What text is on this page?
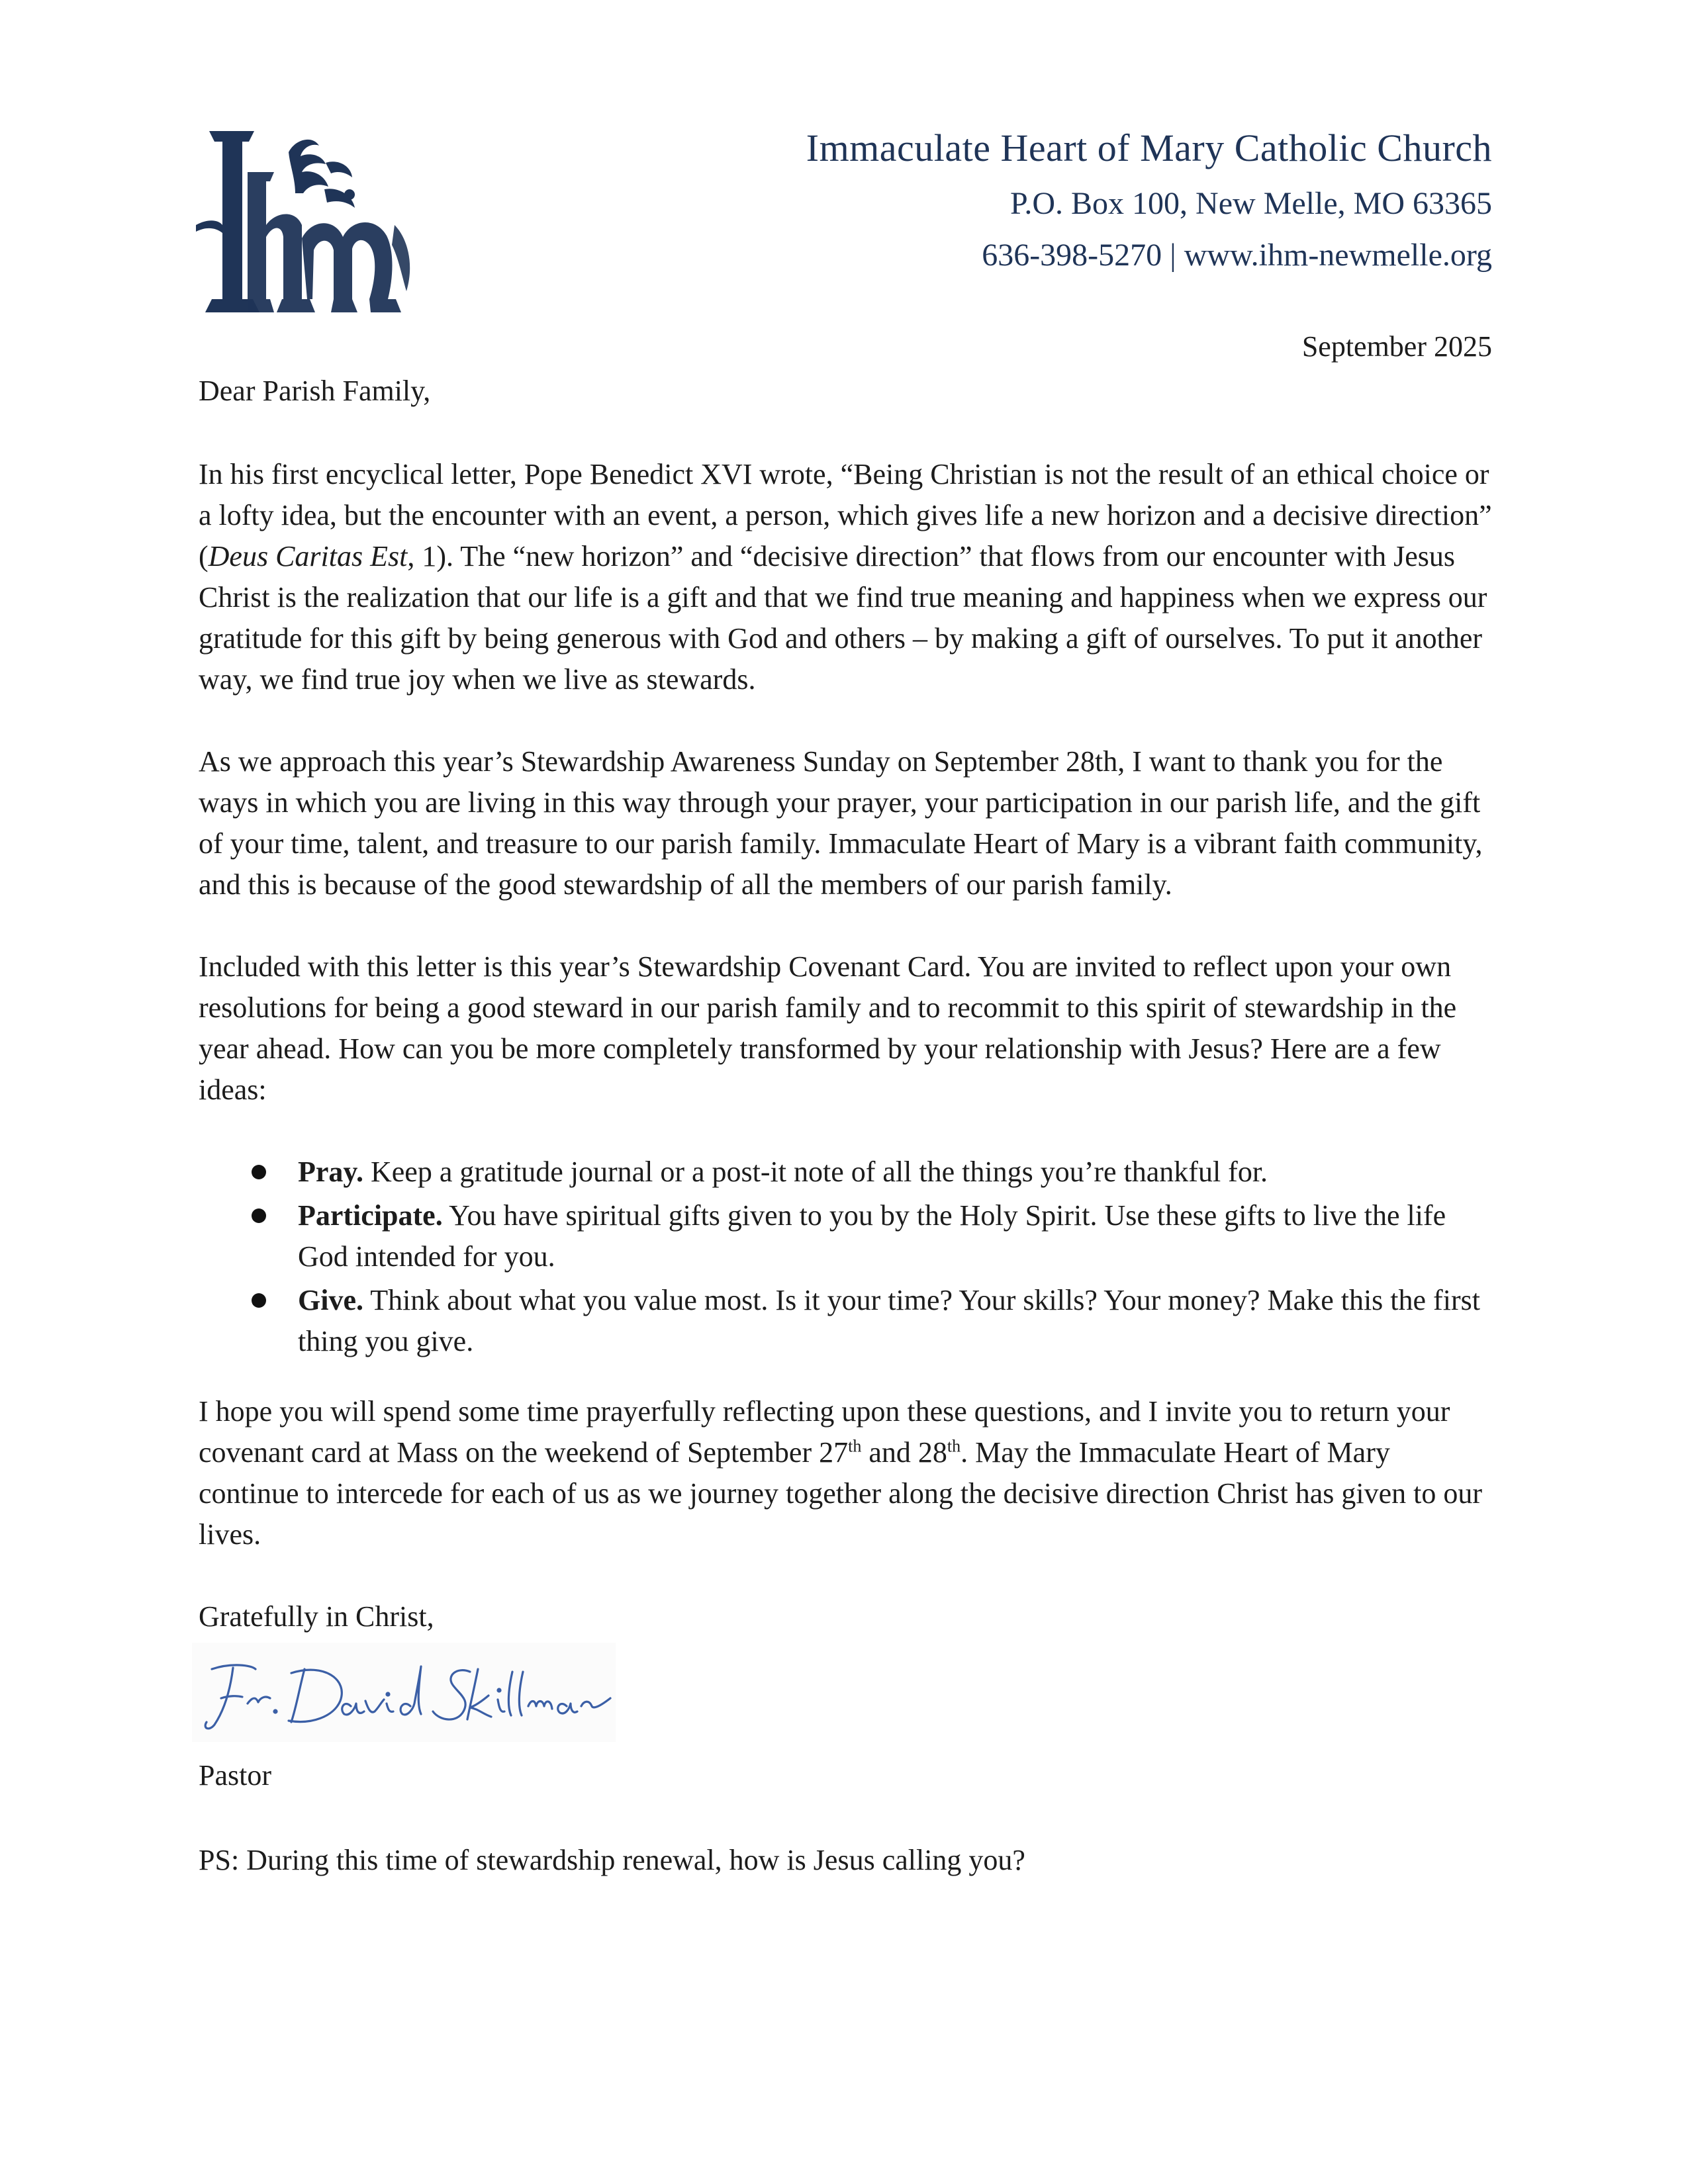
Immaculate Heart of Mary Catholic Church
P.O. Box 100, New Melle, MO 63365
636-398-5270 | www.ihm-newmelle.org
September 2025

Dear Parish Family,

In his first encyclical letter, Pope Benedict XVI wrote, “Being Christian is not the result of an ethical choice or a lofty idea, but the encounter with an event, a person, which gives life a new horizon and a decisive direction” (Deus Caritas Est, 1). The “new horizon” and “decisive direction” that flows from our encounter with Jesus Christ is the realization that our life is a gift and that we find true meaning and happiness when we express our gratitude for this gift by being generous with God and others – by making a gift of ourselves. To put it another way, we find true joy when we live as stewards.

As we approach this year’s Stewardship Awareness Sunday on September 28th, I want to thank you for the ways in which you are living in this way through your prayer, your participation in our parish life, and the gift of your time, talent, and treasure to our parish family. Immaculate Heart of Mary is a vibrant faith community, and this is because of the good stewardship of all the members of our parish family.

Included with this letter is this year’s Stewardship Covenant Card. You are invited to reflect upon your own resolutions for being a good steward in our parish family and to recommit to this spirit of stewardship in the year ahead. How can you be more completely transformed by your relationship with Jesus? Here are a few ideas:

Pray. Keep a gratitude journal or a post-it note of all the things you’re thankful for.
Participate. You have spiritual gifts given to you by the Holy Spirit. Use these gifts to live the life God intended for you.
Give. Think about what you value most. Is it your time? Your skills? Your money? Make this the first thing you give.

I hope you will spend some time prayerfully reflecting upon these questions, and I invite you to return your covenant card at Mass on the weekend of September 27th and 28th. May the Immaculate Heart of Mary continue to intercede for each of us as we journey together along the decisive direction Christ has given to our lives.

Gratefully in Christ,

Pastor

PS: During this time of stewardship renewal, how is Jesus calling you?
